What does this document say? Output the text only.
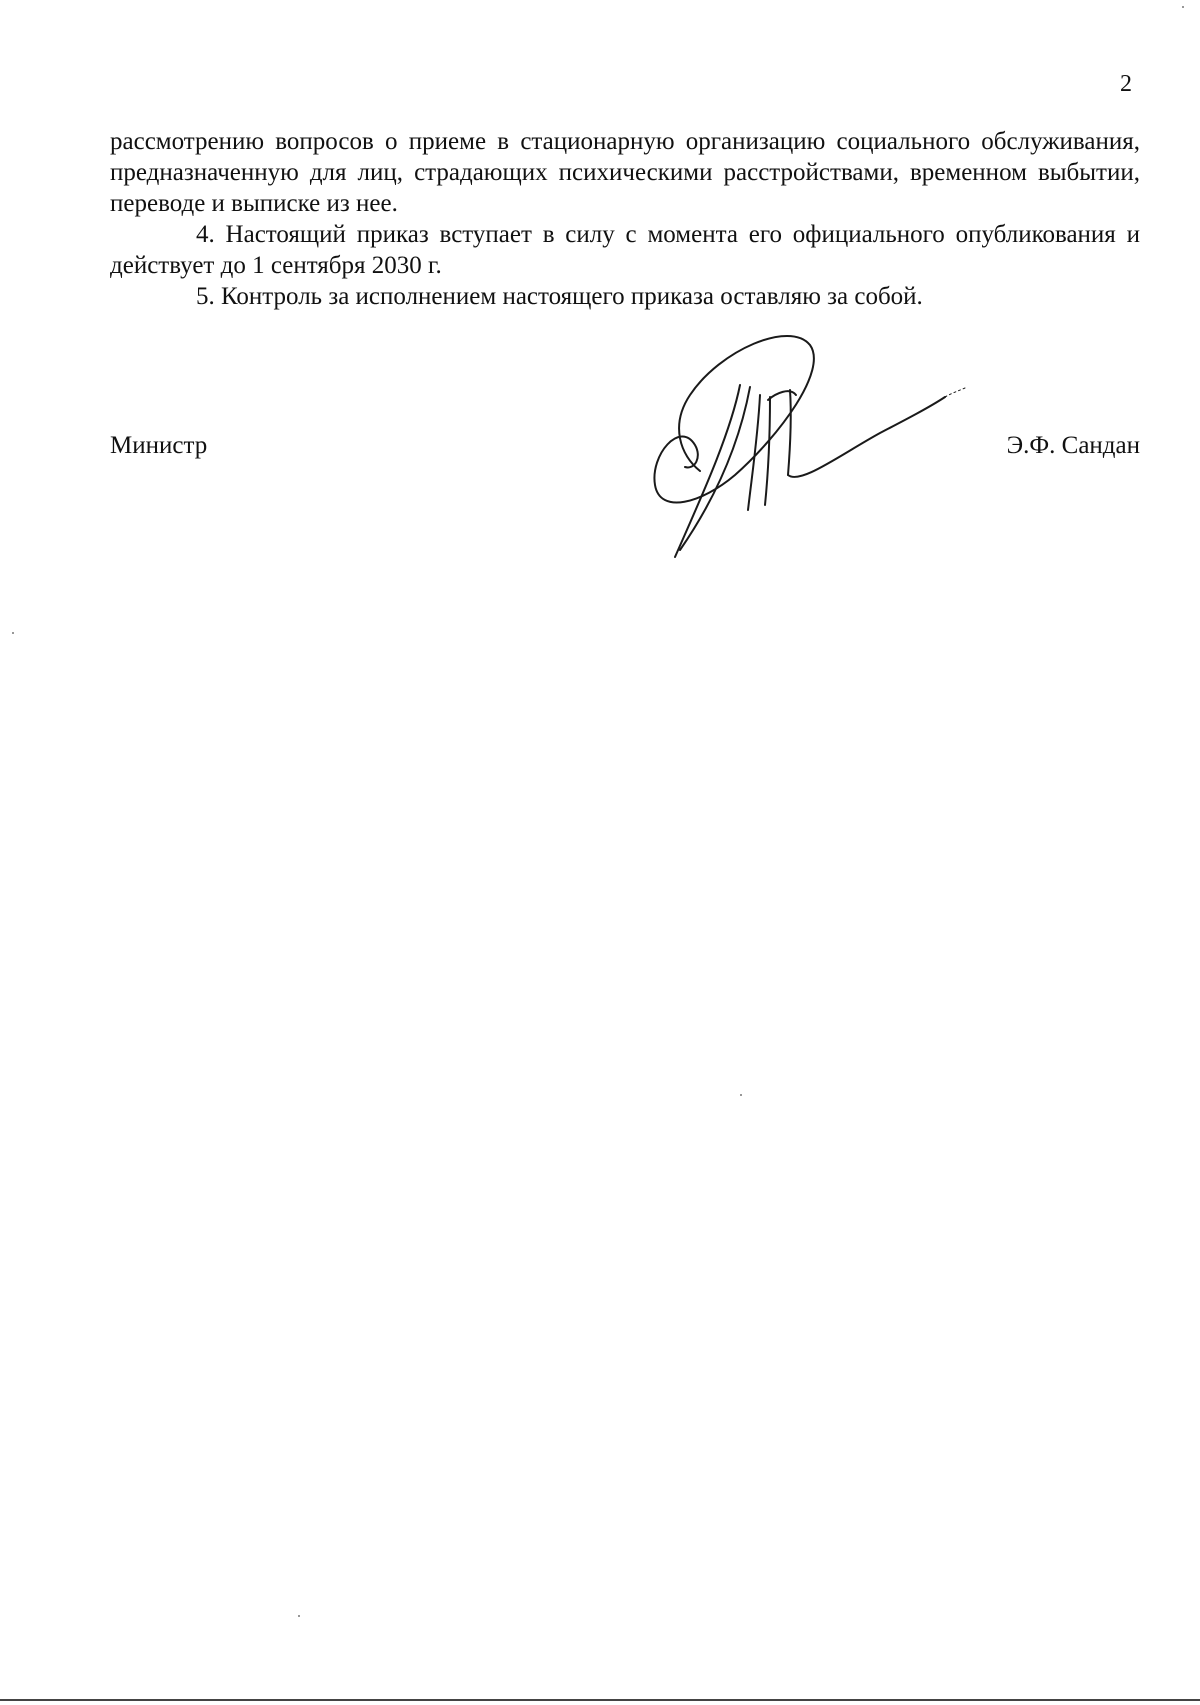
2

рассмотрению вопросов о приеме в стационарную организацию социального обслуживания, предназначенную для лиц, страдающих психическими расстройствами, временном выбытии, переводе и выписке из нее.

4. Настоящий приказ вступает в силу с момента его официального опубликования и действует до 1 сентября 2030 г.

5. Контроль за исполнением настоящего приказа оставляю за собой.

Министр	Э.Ф. Сандан
